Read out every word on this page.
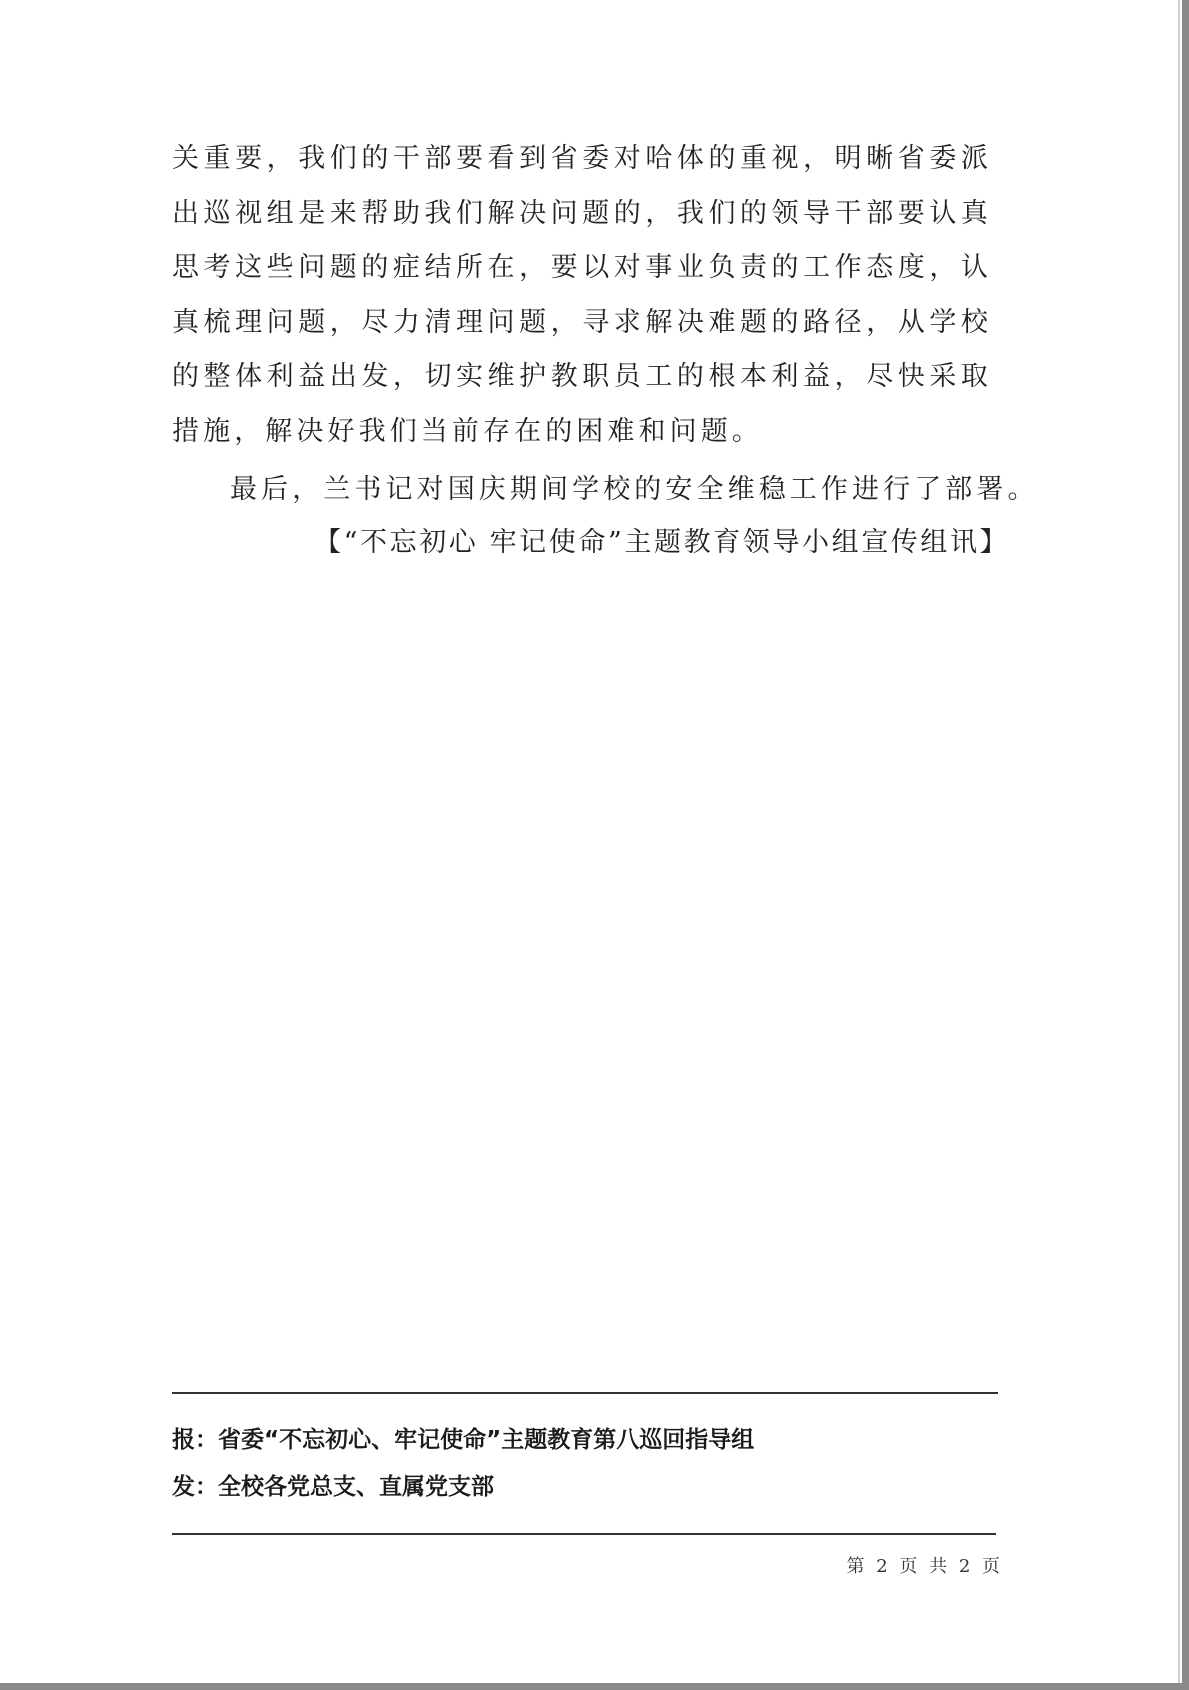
关重要，我们的干部要看到省委对哈体的重视，明晰省委派出巡视组是来帮助我们解决问题的，我们的领导干部要认真思考这些问题的症结所在，要以对事业负责的工作态度，认真梳理问题，尽力清理问题，寻求解决难题的路径，从学校的整体利益出发，切实维护教职员工的根本利益，尽快采取措施，解决好我们当前存在的困难和问题。

最后，兰书记对国庆期间学校的安全维稳工作进行了部署。

【“不忘初心 牢记使命”主题教育领导小组宣传组讯】

报：省委“不忘初心、牢记使命”主题教育第八巡回指导组

发：全校各党总支、直属党支部

第 2 页 共 2 页
